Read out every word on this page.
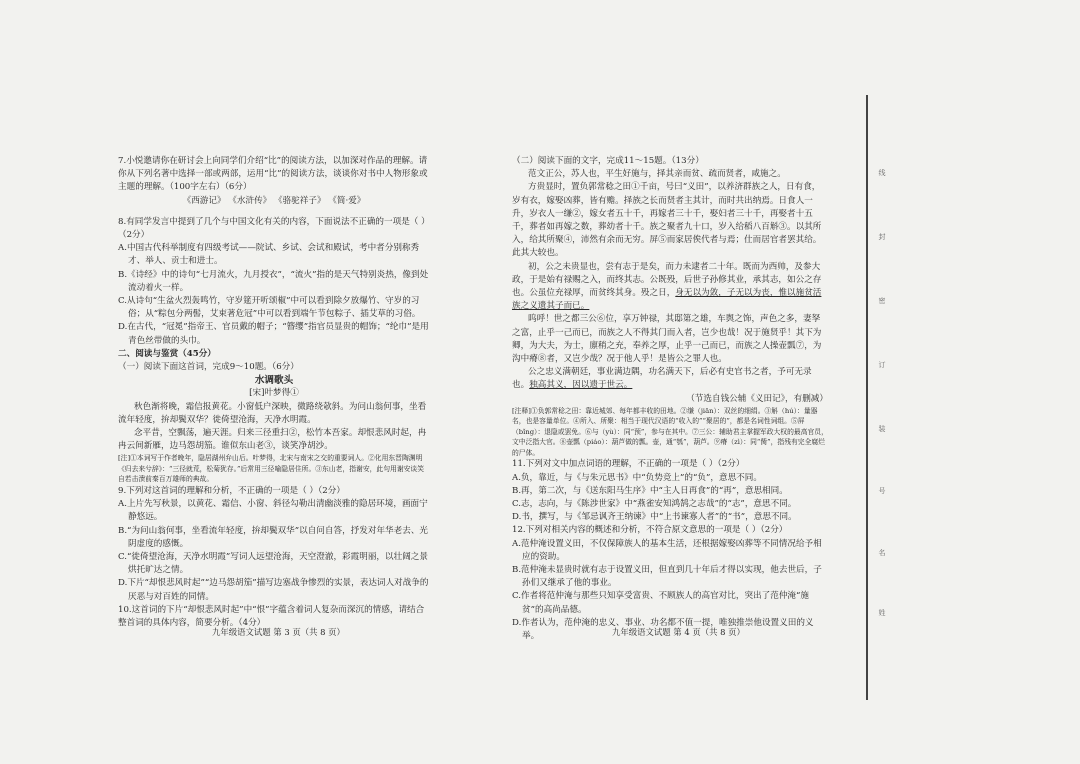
7.小悦邀请你在研讨会上向同学们介绍“比”的阅读方法，以加深对作品的理解。请你从下列名著中选择一部或两部，运用“比”的阅读方法，谈谈你对书中人物形象或主题的理解。（100字左右）（6分）

《西游记》 《水浒传》 《骆驼祥子》 《简·爱》

8.有同学发言中提到了几个与中国文化有关的内容，下面说法不正确的一项是（ ）（2分）

A.中国古代科举制度有四级考试——院试、乡试、会试和殿试，考中者分别称秀才、举人、贡士和进士。

B.《诗经》中的诗句“七月流火，九月授衣”，“流火”指的是天气特别炎热，像到处流动着火一样。

C.从诗句“生盆火烈轰鸣竹，守岁筵开听颂椒”中可以看到除夕放爆竹、守岁的习俗；从“粽包分两髻，艾束著危冠”中可以看到端午节包粽子、插艾草的习俗。

D.在古代，“冠冕”指帝王、官员戴的帽子；“簪缨”指官员显贵的帽饰；“纶巾”是用青色丝带做的头巾。

二、阅读与鉴赏（45分）

（一）阅读下面这首词，完成9～10题。（6分）

水调歌头

[宋]叶梦得①

秋色渐将晚，霜信报黄花。小窗低户深映，微路绕欹斜。为问山翁何事，坐看流年轻度，拚却鬓双华？徙倚望沧海，天净水明霞。

念平昔，空飘荡，遍天涯。归来三径重扫②，松竹本吾家。却恨悲风时起，冉冉云间新雁，边马怨胡笳。谁似东山老③，谈笑净胡沙。

[注]①本词写于作者晚年，隐居湖州弁山后。叶梦得，北宋与南宋之交的重要词人。②化用东晋陶渊明《归去来兮辞》：“三径就荒，松菊犹存。”后常用三径喻隐居住所。③东山老，指谢安，此句用谢安谈笑自若击溃前秦百万雄师的典故。

9.下列对这首词的理解和分析，不正确的一项是（ ）（2分）

A.上片先写秋景，以黄花、霜信、小窗、斜径勾勒出清幽淡雅的隐居环境，画面宁静悠远。

B.“为问山翁何事，坐看流年轻度，拚却鬓双华”以自问自答，抒发对年华老去、光阴虚度的感慨。

C.“徙倚望沧海，天净水明霞”写词人远望沧海，天空澄澈，彩霞明丽，以壮阔之景烘托旷达之情。

D.下片“却恨悲风时起”“边马怨胡笳”描写边塞战争惨烈的实景，表达词人对战争的厌恶与对百姓的同情。

10.这首词的下片“却恨悲风时起”中“恨”字蕴含着词人复杂而深沉的情感，请结合整首词的具体内容，简要分析。（4分）

（二）阅读下面的文字，完成11～15题。（13分）

范文正公，苏人也，平生好施与，择其亲而贫、疏而贤者，咸施之。

方贵显时，置负郭常稔之田①千亩，号曰“义田”，以养济群族之人，日有食，岁有衣，嫁娶凶葬，皆有赡。择族之长而贤者主其计，而时共出纳焉。日食人一升，岁衣人一缣②，嫁女者五十千，再嫁者三十千，娶妇者三十千，再娶者十五千，葬者如再嫁之数，葬幼者十千。族之聚者九十口，岁入给稻八百斛③。以其所入，给其所聚④，沛然有余而无穷。屏⑤而家居俟代者与焉；仕而居官者罢其给。此其大较也。

初，公之未贵显也，尝有志于是矣，而力未逮者二十年。既而为西帅，及参大政，于是始有禄赐之入，而终其志。公既殁，后世子孙修其业，承其志，如公之存也。公虽位充禄厚，而贫终其身。殁之日，身无以为敛，子无以为丧，惟以施贫活族之义遗其子而已。

呜呼！世之都三公⑥位，享万钟禄，其邸第之雄，车舆之饰，声色之多，妻孥之富，止乎一己而已，而族之人不得其门而入者，岂少也哉！况于施贤乎！其下为卿，为大夫，为士，廪稍之充，奉养之厚，止乎一己而已，而族之人操壶瓢⑦，为沟中瘠⑧者，又岂少哉？况于他人乎！是皆公之罪人也。

公之忠义满朝廷，事业满边隅，功名满天下，后必有史官书之者，予可无录也。独高其义，因以遗于世云。

（节选自钱公辅《义田记》，有删减）

[注释]①负郭常稔之田：靠近城郊、每年都丰收的田地。②缣（jiān）：双丝的细绢。③斛（hú）：量器名，也是容量单位。④所入、所聚：相当于现代汉语的“收入的”“聚居的”，都是名词性词组。⑤屏（bǐng）：退隐或罢免。⑥与（yù）：同“预”，参与在其中。⑦三公：辅助君主掌握军政大权的最高官员，文中泛指大官。⑧壶瓢（piáo）：葫芦做的瓢。壶，通“瓠”，葫芦。⑨瘠（zì）：同“胔”，指残有完全腐烂的尸体。

11.下列对文中加点词语的理解，不正确的一项是（ ）（2分）

A.负，靠近，与《与朱元思书》中“负势竞上”的“负”，意思不同。

B.再，第二次，与《送东阳马生序》中“主人日再食”的“再”，意思相同。

C.志，志向，与《陈涉世家》中“燕雀安知鸿鹄之志哉”的“志”，意思不同。

D.书，撰写，与《邹忌讽齐王纳谏》中“上书谏寡人者”的“书”，意思不同。

12.下列对相关内容的概述和分析，不符合原文意思的一项是（ ）（2分）

A.范仲淹设置义田，不仅保障族人的基本生活，还根据嫁娶凶葬等不同情况给予相应的资助。

B.范仲淹未显贵时就有志于设置义田，但直到几十年后才得以实现，他去世后，子孙们又继承了他的事业。

C.作者将范仲淹与那些只知享受富贵、不顾族人的高官对比，突出了范仲淹“施贫”的高尚品德。

D.作者认为，范仲淹的忠义、事业、功名都不值一提，唯独推崇他设置义田的义举。

九年级语文试题 第 3 页（共 8 页）	九年级语文试题 第 4 页（共 8 页）
线
封
密
订
装
号
名
姓
